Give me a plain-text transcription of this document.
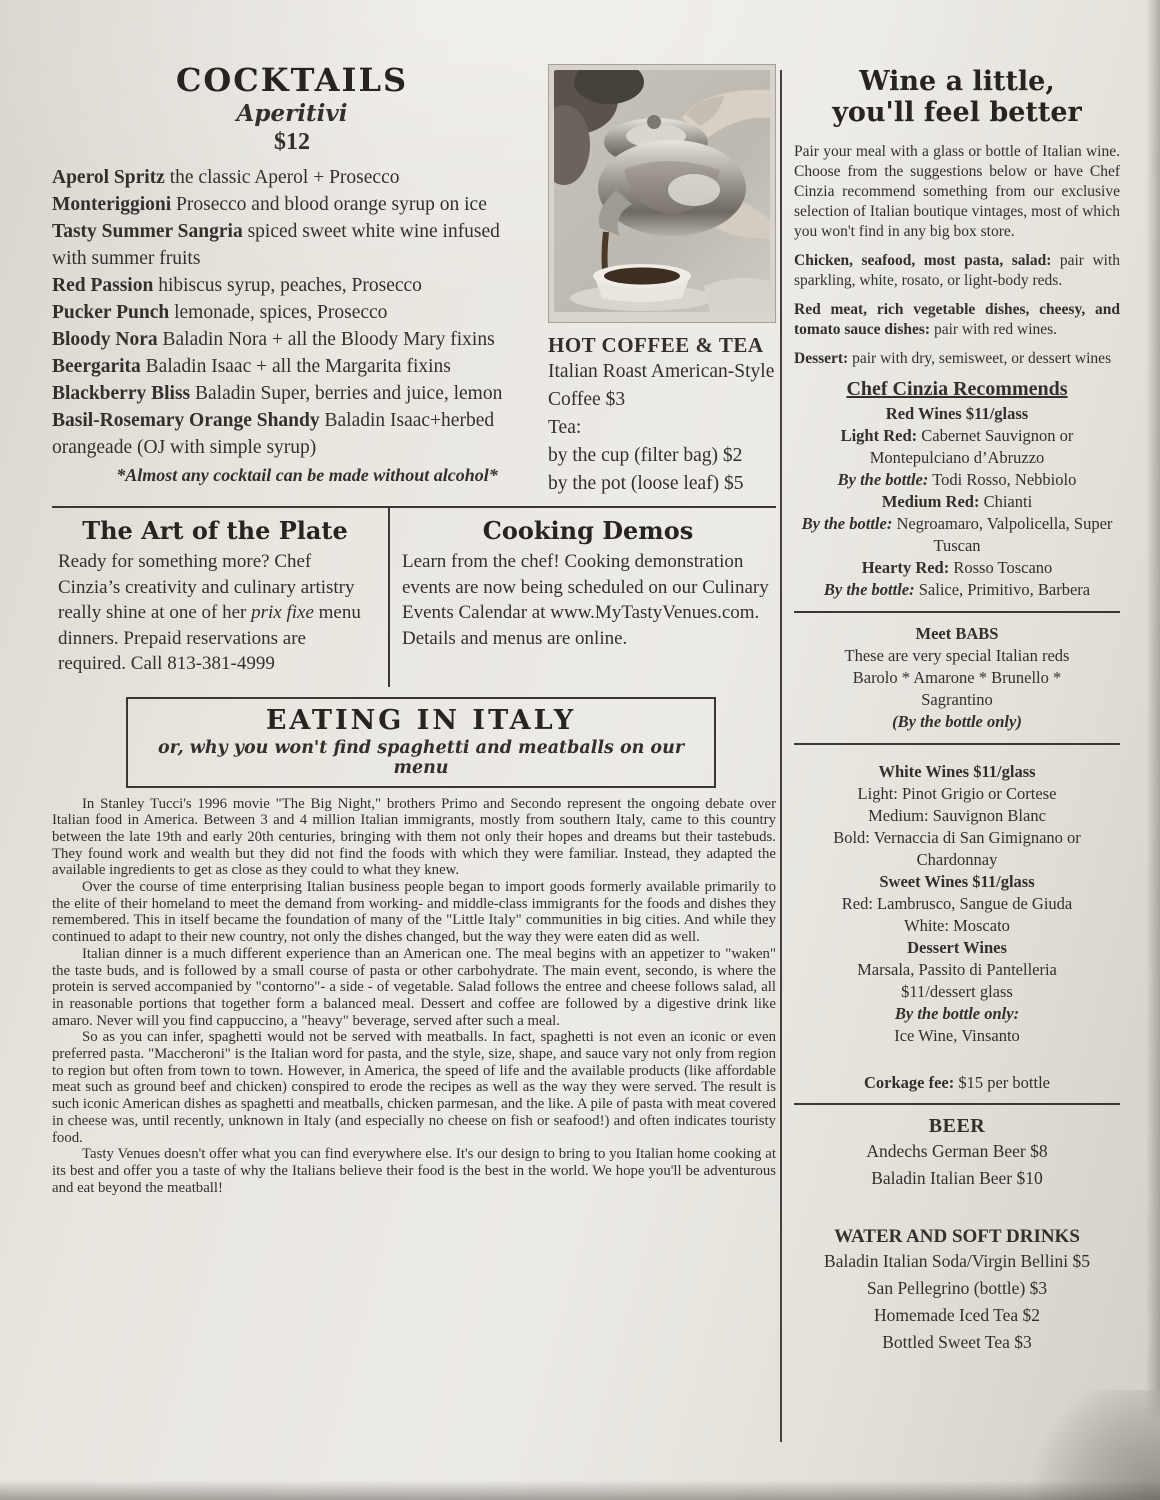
COCKTAILS
Aperitivi
$12
Aperol Spritz the classic Aperol + Prosecco
Monteriggioni Prosecco and blood orange syrup on ice
Tasty Summer Sangria spiced sweet white wine infused with summer fruits
Red Passion hibiscus syrup, peaches, Prosecco
Pucker Punch lemonade, spices, Prosecco
Bloody Nora Baladin Nora + all the Bloody Mary fixins
Beergarita Baladin Isaac + all the Margarita fixins
Blackberry Bliss Baladin Super, berries and juice, lemon
Basil-Rosemary Orange Shandy Baladin Isaac+herbed orangeade (OJ with simple syrup)
*Almost any cocktail can be made without alcohol*
HOT COFFEE & TEA
Italian Roast American-Style Coffee $3
Tea:
by the cup (filter bag) $2
by the pot (loose leaf) $5
The Art of the Plate
Ready for something more? Chef Cinzia’s creativity and culinary artistry really shine at one of her prix fixe menu dinners. Prepaid reservations are required. Call 813-381-4999
Cooking Demos
Learn from the chef! Cooking demonstration events are now being scheduled on our Culinary Events Calendar at www.MyTastyVenues.com. Details and menus are online.
EATING IN ITALY
or, why you won't find spaghetti and meatballs on our menu

In Stanley Tucci's 1996 movie "The Big Night," brothers Primo and Secondo represent the ongoing debate over Italian food in America. Between 3 and 4 million Italian immigrants, mostly from southern Italy, came to this country between the late 19th and early 20th centuries, bringing with them not only their hopes and dreams but their tastebuds. They found work and wealth but they did not find the foods with which they were familiar. Instead, they adapted the available ingredients to get as close as they could to what they knew.

Over the course of time enterprising Italian business people began to import goods formerly available primarily to the elite of their homeland to meet the demand from working- and middle-class immigrants for the foods and dishes they remembered. This in itself became the foundation of many of the "Little Italy" communities in big cities. And while they continued to adapt to their new country, not only the dishes changed, but the way they were eaten did as well.

Italian dinner is a much different experience than an American one. The meal begins with an appetizer to "waken" the taste buds, and is followed by a small course of pasta or other carbohydrate. The main event, secondo, is where the protein is served accompanied by "contorno"- a side - of vegetable. Salad follows the entree and cheese follows salad, all in reasonable portions that together form a balanced meal. Dessert and coffee are followed by a digestive drink like amaro. Never will you find cappuccino, a "heavy" beverage, served after such a meal.

So as you can infer, spaghetti would not be served with meatballs. In fact, spaghetti is not even an iconic or even preferred pasta. "Maccheroni" is the Italian word for pasta, and the style, size, shape, and sauce vary not only from region to region but often from town to town. However, in America, the speed of life and the available products (like affordable meat such as ground beef and chicken) conspired to erode the recipes as well as the way they were served. The result is such iconic American dishes as spaghetti and meatballs, chicken parmesan, and the like. A pile of pasta with meat covered in cheese was, until recently, unknown in Italy (and especially no cheese on fish or seafood!) and often indicates touristy food.

Tasty Venues doesn't offer what you can find everywhere else. It's our design to bring to you Italian home cooking at its best and offer you a taste of why the Italians believe their food is the best in the world. We hope you'll be adventurous and eat beyond the meatball!

Wine a little,
you'll feel better

Pair your meal with a glass or bottle of Italian wine. Choose from the suggestions below or have Chef Cinzia recommend something from our exclusive selection of Italian boutique vintages, most of which you won't find in any big box store.

Chicken, seafood, most pasta, salad: pair with sparkling, white, rosato, or light-body reds.

Red meat, rich vegetable dishes, cheesy, and tomato sauce dishes: pair with red wines.

Dessert: pair with dry, semisweet, or dessert wines

Chef Cinzia Recommends
Red Wines $11/glass
Light Red: Cabernet Sauvignon or Montepulciano d’Abruzzo
By the bottle: Todi Rosso, Nebbiolo
Medium Red: Chianti
By the bottle: Negroamaro, Valpolicella, Super Tuscan
Hearty Red: Rosso Toscano
By the bottle: Salice, Primitivo, Barbera
Meet BABS
These are very special Italian reds
Barolo * Amarone * Brunello *
Sagrantino
(By the bottle only)
White Wines $11/glass
Light: Pinot Grigio or Cortese
Medium: Sauvignon Blanc
Bold: Vernaccia di San Gimignano or Chardonnay
Sweet Wines $11/glass
Red: Lambrusco, Sangue de Giuda
White: Moscato
Dessert Wines
Marsala, Passito di Pantelleria
$11/dessert glass
By the bottle only:
Ice Wine, Vinsanto
Corkage fee: $15 per bottle
BEER
Andechs German Beer $8
Baladin Italian Beer $10
WATER AND SOFT DRINKS
Baladin Italian Soda/Virgin Bellini $5
San Pellegrino (bottle) $3
Homemade Iced Tea $2
Bottled Sweet Tea $3
